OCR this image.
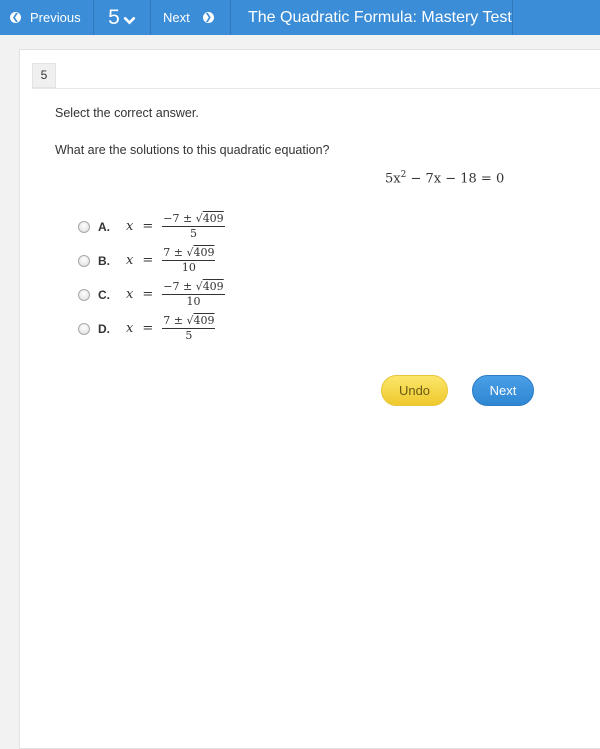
❮ Previous 5	Next ❯	The Quadratic Formula: Mastery Test
5
Select the correct answer.
What are the solutions to this quadratic equation?
$5x^2 - 7x - 18 = 0$
A.	$x = \frac{-7 \pm √409}{5}$
B.	$x = \frac{7 \pm √409}{10}$
C.	$x = \frac{-7 \pm √409}{10}$
D.	$x = \frac{7 \pm √409}{5}$
Undo	Next
